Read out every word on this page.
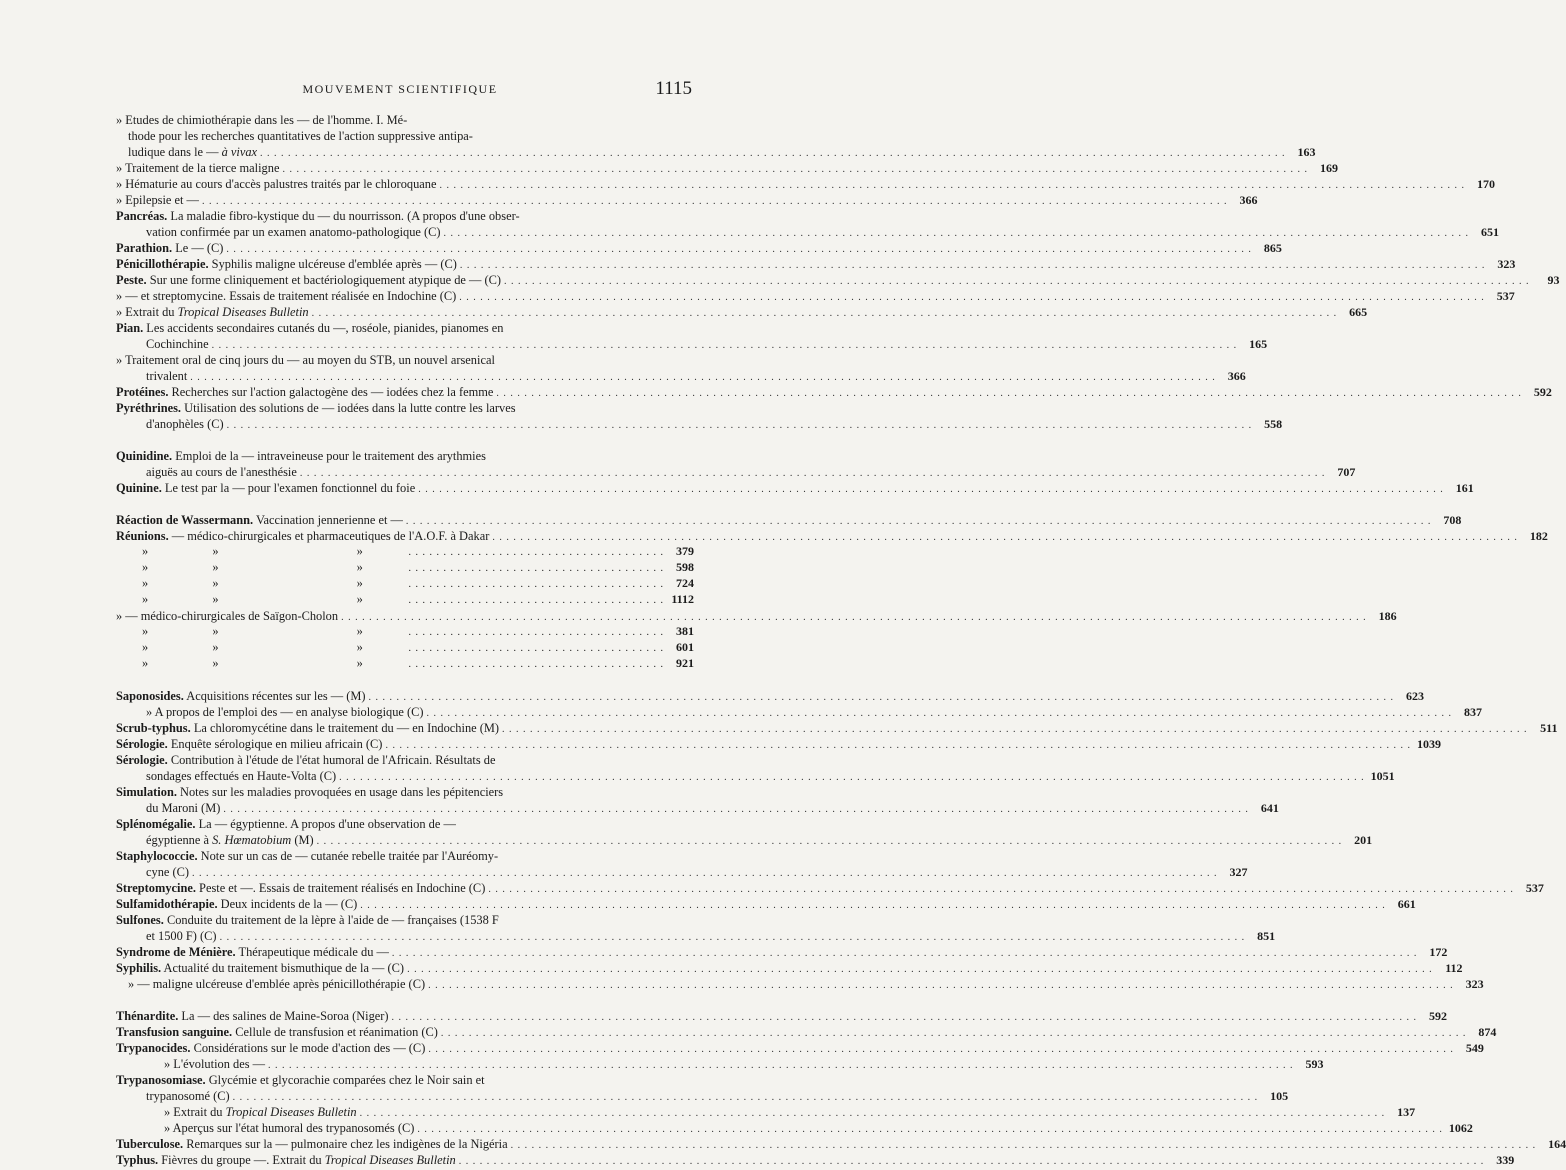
MOUVEMENT SCIENTIFIQUE	1115
» Etudes de chimiothérapie dans les — de l'homme. I. Mé-
thode pour les recherches quantitatives de l'action suppressive antipa-
ludique dans le — à vivax . . .	163
» Traitement de la tierce maligne . . .	169
» Hématurie au cours d'accès palustres traités par le chloroquane . . .	170
» Epilepsie et — . . .	366
Pancréas. La maladie fibro-kystique du — du nourrisson. (A propos d'une obser-
vation confirmée par un examen anatomo-pathologique (C) . . .	651
Parathion. Le — (C) . . .	865
Pénicillothérapie. Syphilis maligne ulcéreuse d'emblée après — (C) . . .	323
Peste. Sur une forme cliniquement et bactériologiquement atypique de — (C) . . .	93
» — et streptomycine. Essais de traitement réalisée en Indochine (C) . . .	537
» Extrait du Tropical Diseases Bulletin . . .	665
Pian. Les accidents secondaires cutanés du —, roséole, pianides, pianomes en
Cochinchine . . .	165
» Traitement oral de cinq jours du — au moyen du STB, un nouvel arsenical
trivalent . . .	366
Protéines. Recherches sur l'action galactogène des — iodées chez la femme . . .	592
Pyréthrines. Utilisation des solutions de — iodées dans la lutte contre les larves
d'anophèles (C) . . .	558
Quinidine. Emploi de la — intraveineuse pour le traitement des arythmies
aiguës au cours de l'anesthésie . . .	707
Quinine. Le test par la — pour l'examen fonctionnel du foie . . .	161
Réaction de Wassermann. Vaccination jennerienne et — . . .	708
Réunions. — médico-chirurgicales et pharmaceutiques de l'A.O.F. à Dakar . . .	182
»	»	» . . .	379
»	»	» . . .	598
»	»	» . . .	724
»	»	» . . .	1112
» — médico-chirurgicales de Saïgon-Cholon . . .	186
»	»	» . . .	381
»	»	» . . .	601
»	»	» . . .	921
Saponosides. Acquisitions récentes sur les — (M) . . .	623
» A propos de l'emploi des — en analyse biologique (C) . . .	837
Scrub-typhus. La chloromycétine dans le traitement du — en Indochine (M) . . .	511
Sérologie. Enquête sérologique en milieu africain (C) . . .	1039
Sérologie. Contribution à l'étude de l'état humoral de l'Africain. Résultats de
sondages effectués en Haute-Volta (C) . . .	1051
Simulation. Notes sur les maladies provoquées en usage dans les pépitenciers
du Maroni (M) . . .	641
Splénomégalie. La — égyptienne. A propos d'une observation de —
égyptienne à S. Hœmatobium (M) . . .	201
Staphylococcie. Note sur un cas de — cutanée rebelle traitée par l'Auréomy-
cyne (C) . . .	327
Streptomycine. Peste et —. Essais de traitement réalisés en Indochine (C) . . .	537
Sulfamidothérapie. Deux incidents de la — (C) . . .	661
Sulfones. Conduite du traitement de la lèpre à l'aide de — françaises (1538 F
et 1500 F) (C) . . .	851
Syndrome de Ménière. Thérapeutique médicale du — . . .	172
Syphilis. Actualité du traitement bismuthique de la — (C) . . .	112
» — maligne ulcéreuse d'emblée après pénicillothérapie (C) . . .	323
Thénardite. La — des salines de Maine-Soroa (Niger) . . .	592
Transfusion sanguine. Cellule de transfusion et réanimation (C) . . .	874
Trypanocides. Considérations sur le mode d'action des — (C) . . .	549
» L'évolution des — . . .	593
Trypanosomiase. Glycémie et glycorachie comparées chez le Noir sain et
trypanosomé (C) . . .	105
» Extrait du Tropical Diseases Bulletin . . .	137
» Aperçus sur l'état humoral des trypanosomés (C) . . .	1062
Tuberculose. Remarques sur la — pulmonaire chez les indigènes de la Nigéria . . .	164
Typhus. Fièvres du groupe —. Extrait du Tropical Diseases Bulletin . . .	339
